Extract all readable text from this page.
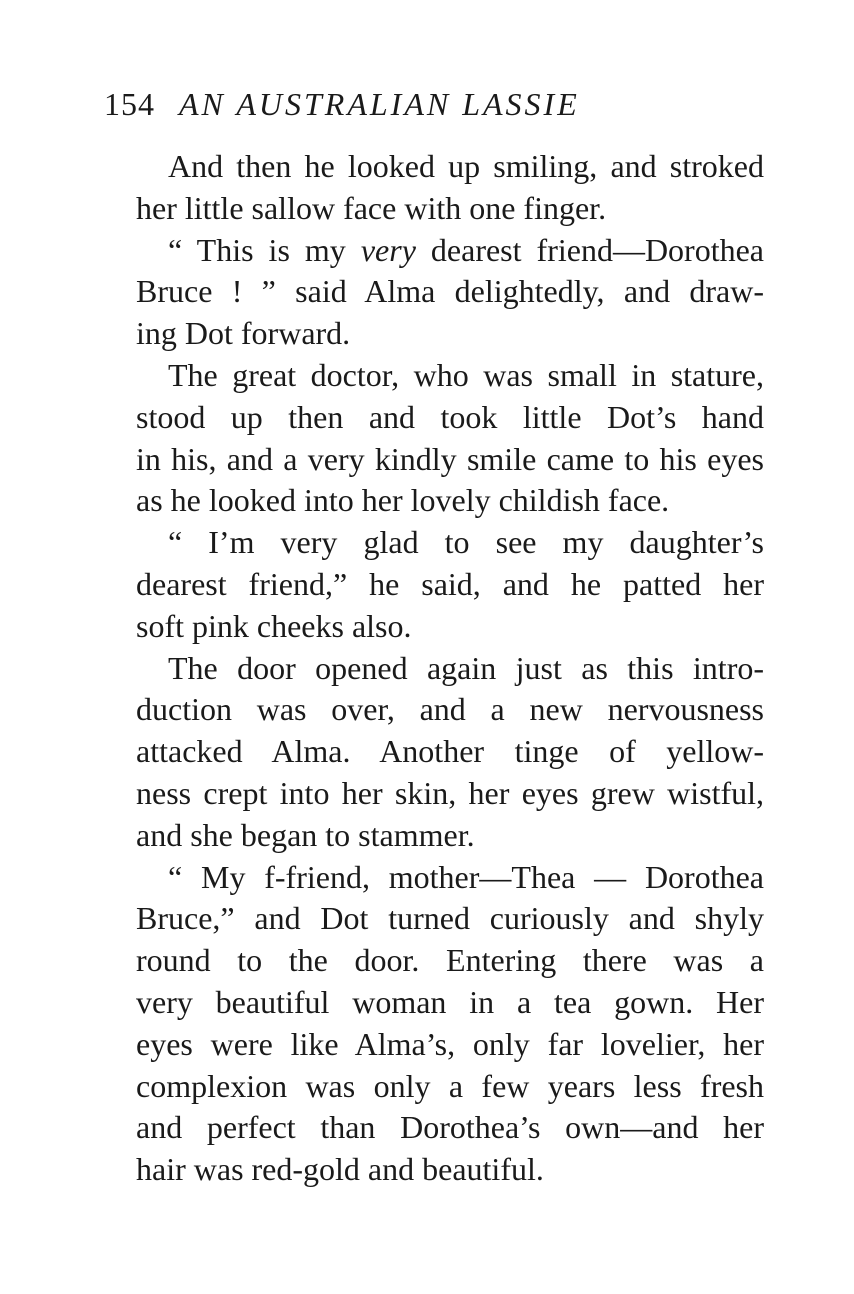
154 AN AUSTRALIAN LASSIE
And then he looked up smiling, and stroked
her little sallow face with one finger.
“ This is my very dearest friend—Dorothea
Bruce ! ” said Alma delightedly, and draw-
ing Dot forward.
The great doctor, who was small in stature,
stood up then and took little Dot’s hand
in his, and a very kindly smile came to his eyes
as he looked into her lovely childish face.
“ I’m very glad to see my daughter’s
dearest friend,” he said, and he patted her
soft pink cheeks also.
The door opened again just as this intro-
duction was over, and a new nervousness
attacked Alma. Another tinge of yellow-
ness crept into her skin, her eyes grew wistful,
and she began to stammer.
“ My f-friend, mother—Thea — Dorothea
Bruce,” and Dot turned curiously and shyly
round to the door. Entering there was a
very beautiful woman in a tea gown. Her
eyes were like Alma’s, only far lovelier, her
complexion was only a few years less fresh
and perfect than Dorothea’s own—and her
hair was red-gold and beautiful.
